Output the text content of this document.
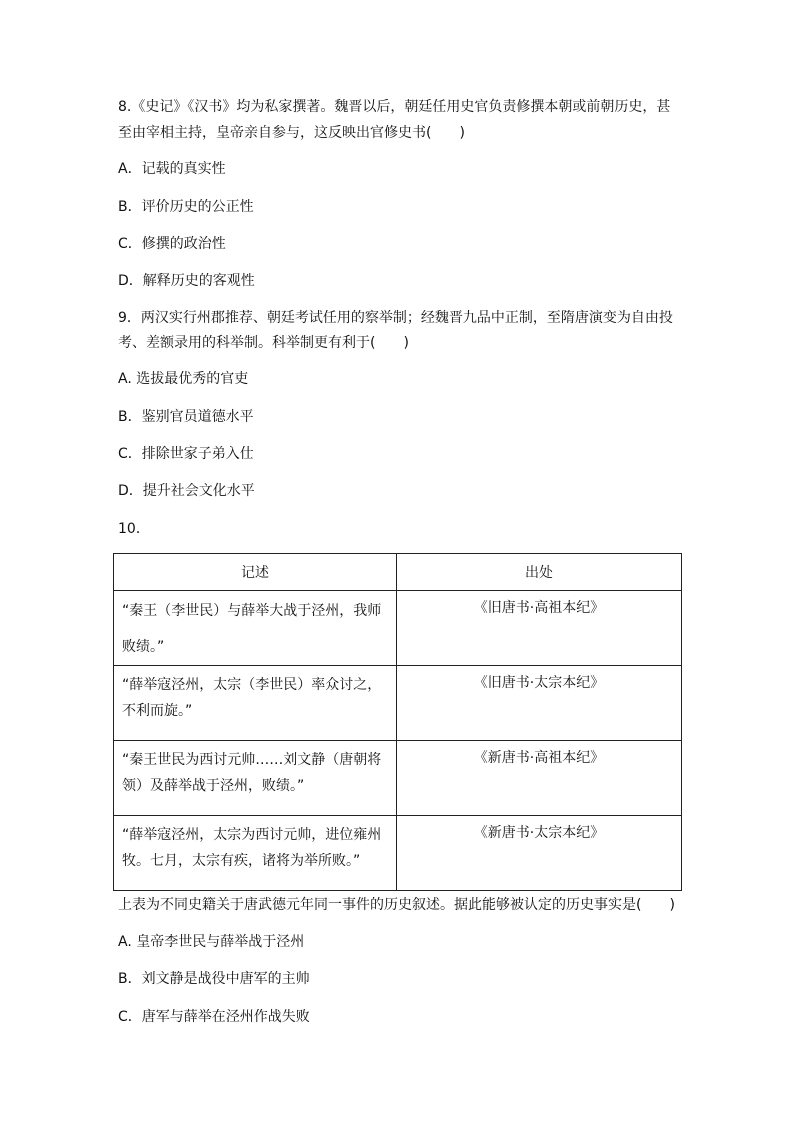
8.《史记》《汉书》均为私家撰著。魏晋以后，朝廷任用史官负责修撰本朝或前朝历史，甚
至由宰相主持，皇帝亲自参与，这反映出官修史书(　　)
A．记载的真实性
B．评价历史的公正性
C．修撰的政治性
D．解释历史的客观性
9．两汉实行州郡推荐、朝廷考试任用的察举制；经魏晋九品中正制，至隋唐演变为自由投
考、差额录用的科举制。科举制更有利于(　　)
A. 选拔最优秀的官吏
B．鉴别官员道德水平
C．排除世家子弟入仕
D．提升社会文化水平
10．
记述	出处

“秦王（李世民）与薛举大战于泾州，我师
败绩。”	《旧唐书·高祖本纪》

“薛举寇泾州，太宗（李世民）率众讨之，
不利而旋。”	《旧唐书·太宗本纪》

“秦王世民为西讨元帅……刘文静（唐朝将
领）及薛举战于泾州，败绩。”	《新唐书·高祖本纪》

“薛举寇泾州，太宗为西讨元帅，进位雍州
牧。七月，太宗有疾，诸将为举所败。”	《新唐书·太宗本纪》
上表为不同史籍关于唐武德元年同一事件的历史叙述。据此能够被认定的历史事实是(　　)
A. 皇帝李世民与薛举战于泾州
B．刘文静是战役中唐军的主帅
C．唐军与薛举在泾州作战失败
